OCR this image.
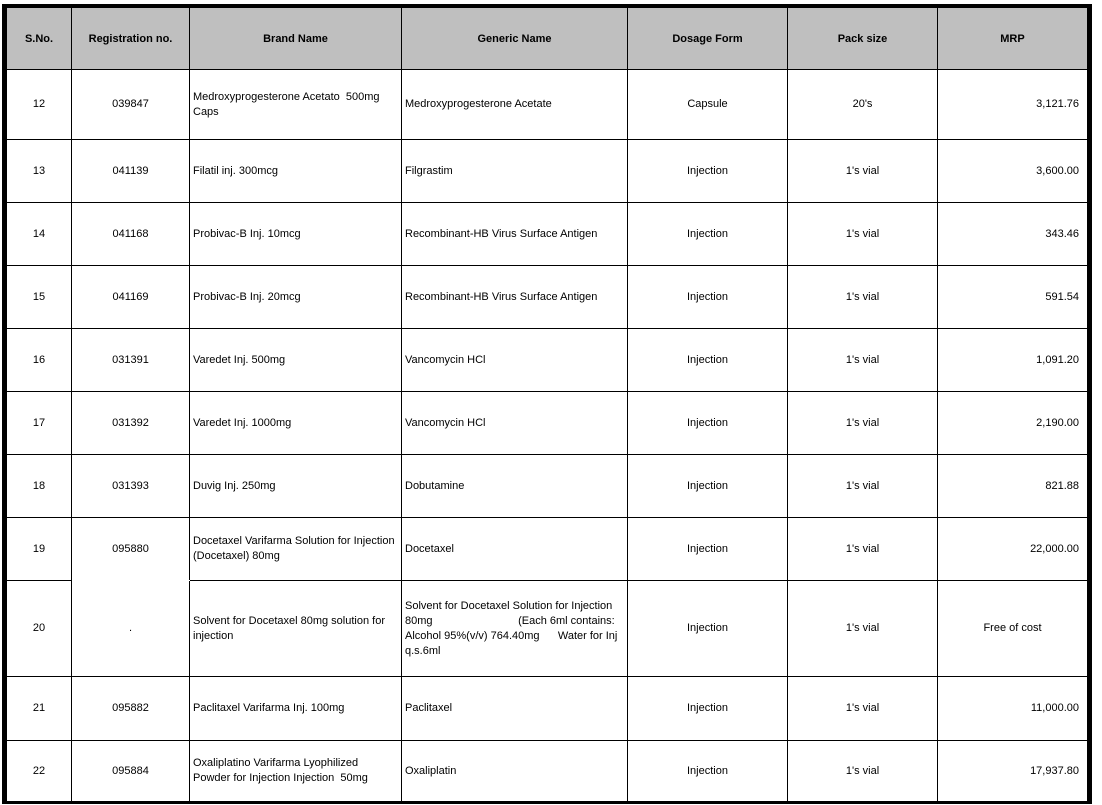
S.No.	Registration no.	Brand Name	Generic Name	Dosage Form	Pack size	MRP
12	039847	Medroxyprogesterone Acetato  500mg Caps	Medroxyprogesterone Acetate	Capsule	20's	3,121.76
13	041139	Filatil inj. 300mcg	Filgrastim	Injection	1's vial	3,600.00
14	041168	Probivac-B Inj. 10mcg	Recombinant-HB Virus Surface Antigen	Injection	1's vial	343.46
15	041169	Probivac-B Inj. 20mcg	Recombinant-HB Virus Surface Antigen	Injection	1's vial	591.54
16	031391	Varedet Inj. 500mg	Vancomycin HCl	Injection	1's vial	1,091.20
17	031392	Varedet Inj. 1000mg	Vancomycin HCl	Injection	1's vial	2,190.00
18	031393	Duvig Inj. 250mg	Dobutamine	Injection	1's vial	821.88
19	095880	Docetaxel Varifarma Solution for Injection (Docetaxel) 80mg	Docetaxel	Injection	1's vial	22,000.00
20	.	Solvent for Docetaxel 80mg solution for injection	Solvent for Docetaxel Solution for Injection 80mg                            (Each 6ml contains: Alcohol 95%(v/v) 764.40mg      Water for Inj q.s.6ml	Injection	1's vial	Free of cost
21	095882	Paclitaxel Varifarma Inj. 100mg	Paclitaxel	Injection	1's vial	11,000.00
22	095884	Oxaliplatino Varifarma Lyophilized Powder for Injection Injection  50mg	Oxaliplatin	Injection	1's vial	17,937.80
